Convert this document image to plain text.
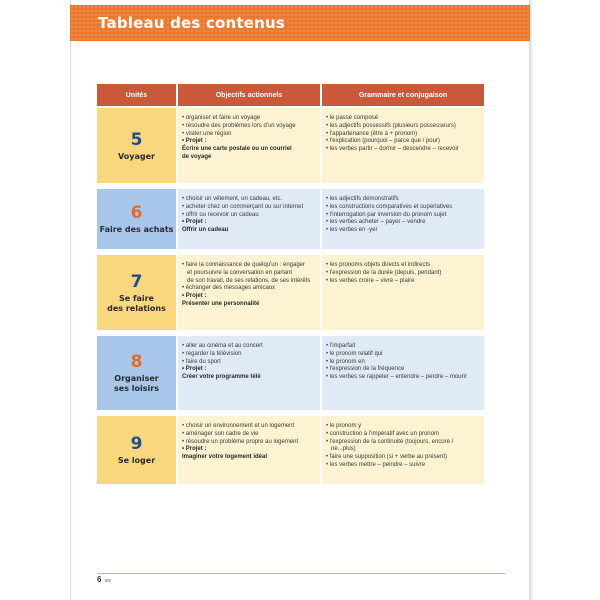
Tableau des contenus
Unités	Objectifs actionnels	Grammaire et conjugaison
5
Voyager
• organiser et faire un voyage
• résoudre des problèmes lors d'un voyage
• visiter une région
• Projet :
Écrire une carte postale ou un courriel
de voyage
• le passé composé
• les adjectifs possessifs (plusieurs possesseurs)
• l'appartenance (être à + pronom)
• l'explication (pourquoi – parce que / pour)
• les verbes partir – dormir – descendre – recevoir
6
Faire des achats
• choisir un vêtement, un cadeau, etc.
• acheter chez un commerçant ou sur internet
• offrir ou recevoir un cadeau
• Projet :
Offrir un cadeau
• les adjectifs démonstratifs
• les constructions comparatives et superlatives
• l'interrogation par inversion du pronom sujet
• les verbes acheter – payer – vendre
• les verbes en -yer
7
Se faire
des relations
• faire la connaissance de quelqu'un : engager
et poursuivre la conversation en parlant
de son travail, de ses relations, de ses intérêts
• échanger des messages amicaux
• Projet :
Présenter une personnalité
• les pronoms objets directs et indirects
• l'expression de la durée (depuis, pendant)
• les verbes croire – vivre – plaire
8
Organiser
ses loisirs
• aller au cinéma et au concert
• regarder la télévision
• faire du sport
• Projet :
Créer votre programme télé
• l'imparfait
• le pronom relatif qui
• le pronom en
• l'expression de la fréquence
• les verbes se rappeler – entendre – perdre – mourir
9
Se loger
• choisir un environnement et un logement
• aménager son cadre de vie
• résoudre un problème propre au logement
• Projet :
Imaginer votre logement idéal
• le pronom y
• construction à l'impératif avec un pronom
• l'expression de la continuité (toujours, encore /
ne...plus)
• faire une supposition (si + verbe au présent)
• les verbes mettre – peindre – suivre
6 six
